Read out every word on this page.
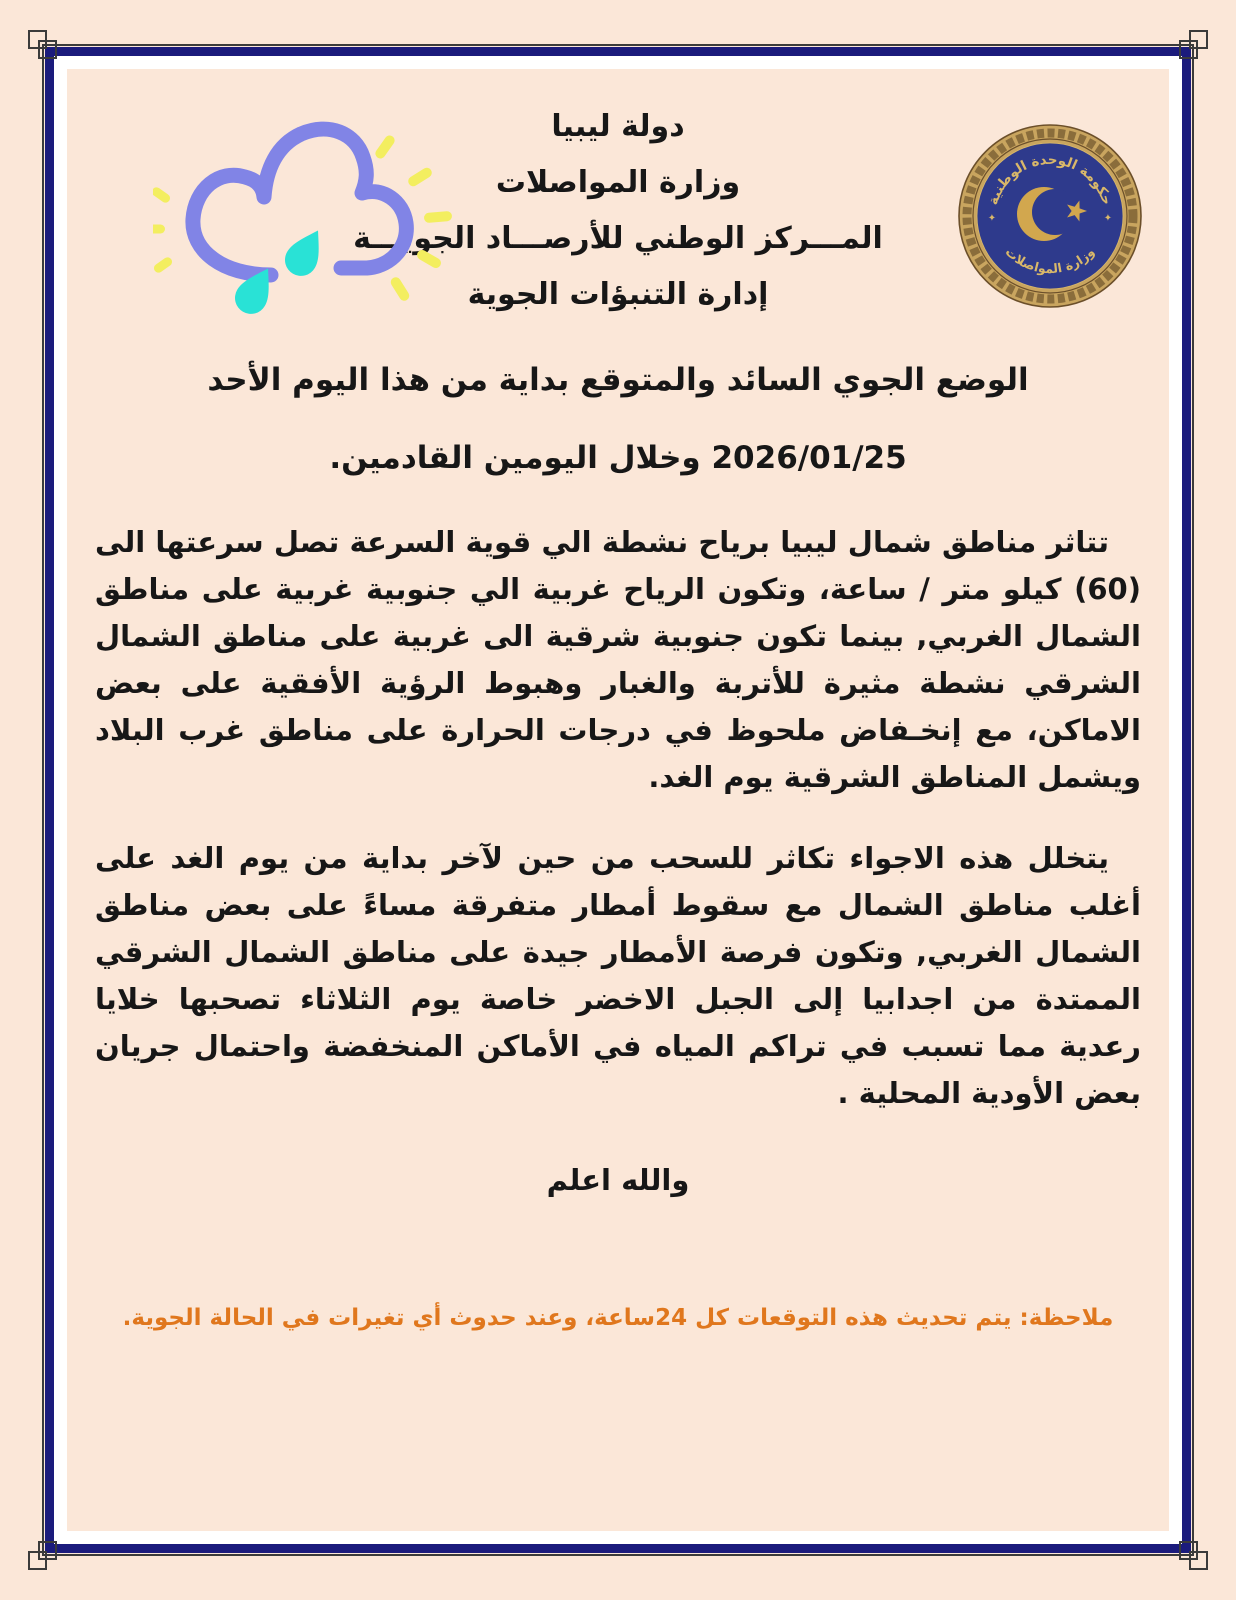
دولة ليبيا
وزارة المواصلات
المـــركز الوطني للأرصـــاد الجويـــة
إدارة التنبؤات الجوية
حكومة الوحدة الوطنية
وزارة المواصلات
✦	✦
الوضع الجوي السائد والمتوقع بداية من هذا اليوم الأحد
2026/01/25 وخلال اليومين القادمين.
تتاثر مناطق شمال ليبيا برياح نشطة الي قوية السرعة تصل سرعتها الى (60) كيلو متر / ساعة، وتكون الرياح غربية الي جنوبية غربية على مناطق الشمال الغربي, بينما تكون جنوبية شرقية الى غربية على مناطق الشمال الشرقي نشطة مثيرة للأتربة والغبار وهبوط الرؤية الأفقية على بعض الاماكن، مع إنخـفاض ملحوظ في درجات الحرارة على مناطق غرب البلاد ويشمل المناطق الشرقية يوم الغد.
يتخلل هذه الاجواء تكاثر للسحب من حين لآخر بداية من يوم الغد على أغلب مناطق الشمال مع سقوط أمطار متفرقة مساءً على بعض مناطق الشمال الغربي, وتكون فرصة الأمطار جيدة على مناطق الشمال الشرقي الممتدة من اجدابيا إلى الجبل الاخضر خاصة يوم الثلاثاء تصحبها خلايا رعدية مما تسبب في تراكم المياه في الأماكن المنخفضة واحتمال جريان بعض الأودية المحلية .
والله اعلم
ملاحظة: يتم تحديث هذه التوقعات كل 24ساعة، وعند حدوث أي تغيرات في الحالة الجوية.
